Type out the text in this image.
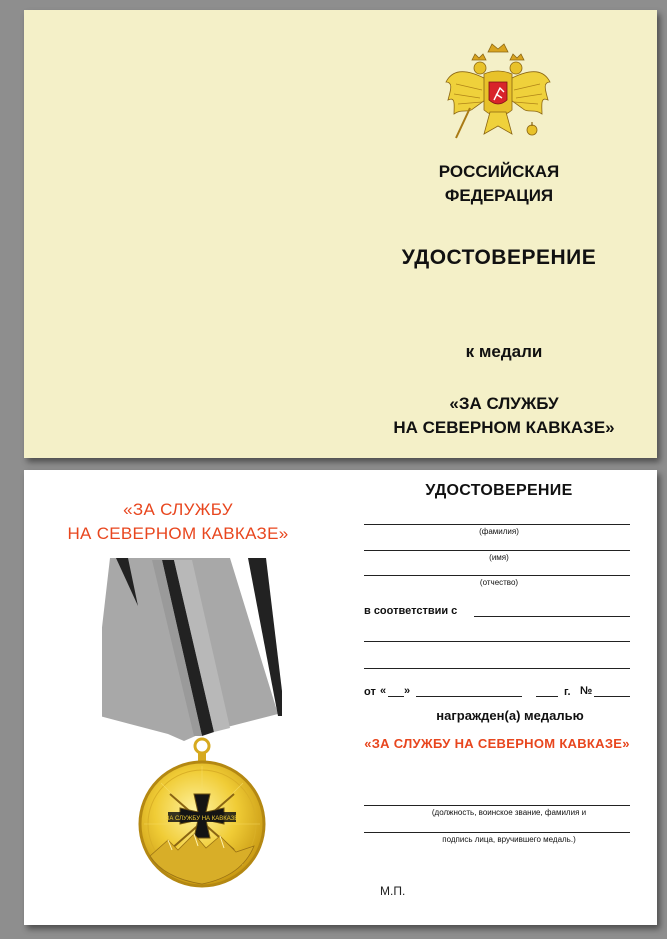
РОССИЙСКАЯ
ФЕДЕРАЦИЯ
УДОСТОВЕРЕНИЕ
к медали
«ЗА СЛУЖБУ
НА СЕВЕРНОМ КАВКАЗЕ»
«ЗА СЛУЖБУ
НА СЕВЕРНОМ КАВКАЗЕ»
ЗА СЛУЖБУ НА КАВКАЗЕ
УДОСТОВЕРЕНИЕ
(фамилия)
(имя)
(отчество)
в соответствии с
от « »	г. №
награжден(а) медалью
«ЗА СЛУЖБУ НА СЕВЕРНОМ КАВКАЗЕ»
(должность, воинское звание, фамилия и
подпись лица, вручившего медаль.)
М.П.
